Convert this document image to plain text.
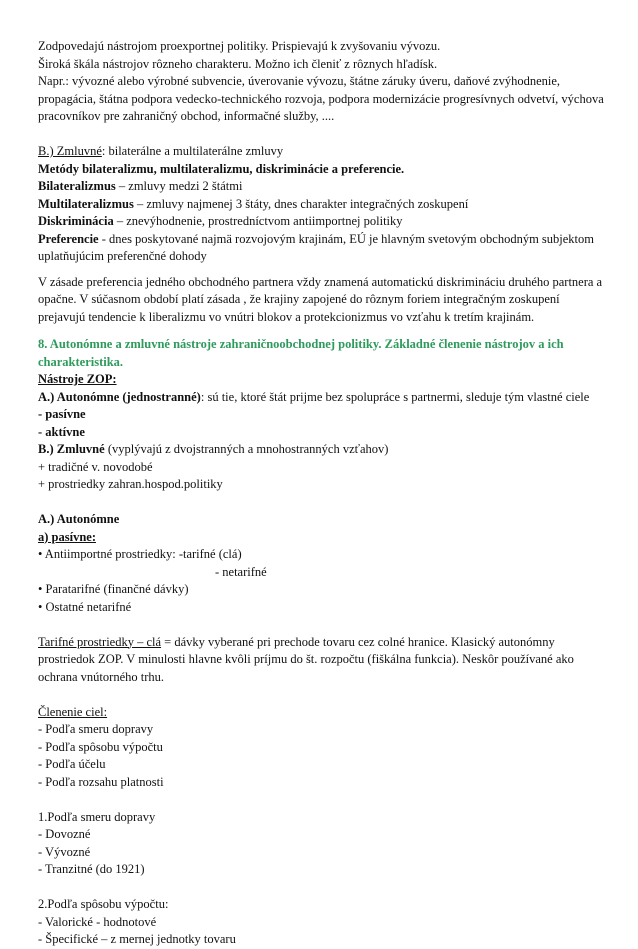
Zodpovedajú nástrojom proexportnej politiky. Prispievajú k zvyšovaniu vývozu.
Široká škála nástrojov rôzneho charakteru. Možno ich členiť z rôznych hľadísk.
Napr.: vývozné alebo výrobné subvencie, úverovanie vývozu, štátne záruky úveru, daňové zvýhodnenie, propagácia, štátna podpora vedecko-technického rozvoja, podpora modernizácie progresívnych odvetví, výchova pracovníkov pre zahraničný obchod, informačné služby, ....

B.) Zmluvné: bilaterálne a multilaterálne zmluvy
Metódy bilateralizmu, multilateralizmu, diskriminácie a preferencie.
Bilateralizmus – zmluvy medzi 2 štátmi
Multilateralizmus – zmluvy najmenej 3 štáty, dnes charakter integračných zoskupení
Diskriminácia – znevýhodnenie, prostredníctvom antiimportnej politiky
Preferencie - dnes poskytované najmä rozvojovým krajinám, EÚ je hlavným svetovým obchodným subjektom uplatňujúcim preferenčné dohody

V zásade preferencia jedného obchodného partnera vždy znamená automatickú diskrimináciu druhého partnera a opačne. V súčasnom období platí zásada , že krajiny zapojené do rôznym foriem integračným zoskupení prejavujú tendencie k liberalizmu vo vnútri blokov a protekcionizmus vo vzťahu k tretím krajinám.

8. Autonómne a zmluvné nástroje zahraničnoobchodnej politiky. Základné členenie nástrojov a ich charakteristika.
Nástroje ZOP:
A.) Autonómne (jednostranné): sú tie, ktoré štát prijme bez spolupráce s partnermi, sleduje tým vlastné ciele
- pasívne
- aktívne
B.) Zmluvné (vyplývajú z dvojstranných a mnohostranných vzťahov)
+ tradičné v. novodobé
+ prostriedky zahran.hospod.politiky

A.) Autonómne
a) pasívne:
• Antiimportné prostriedky: -tarifné (clá)
- netarifné
• Paratarifné (finančné dávky)
• Ostatné netarifné

Tarifné prostriedky – clá = dávky vyberané pri prechode tovaru cez colné hranice. Klasický autonómny prostriedok ZOP. V minulosti hlavne kvôli príjmu do št. rozpočtu (fiškálna funkcia). Neskôr používané ako ochrana vnútorného trhu.

Členenie ciel:
- Podľa smeru dopravy
- Podľa spôsobu výpočtu
- Podľa účelu
- Podľa rozsahu platnosti

1.Podľa smeru dopravy
- Dovozné
- Vývozné
- Tranzitné (do 1921)

2.Podľa spôsobu výpočtu:
- Valorické - hodnotové
- Špecifické – z mernej jednotky tovaru
